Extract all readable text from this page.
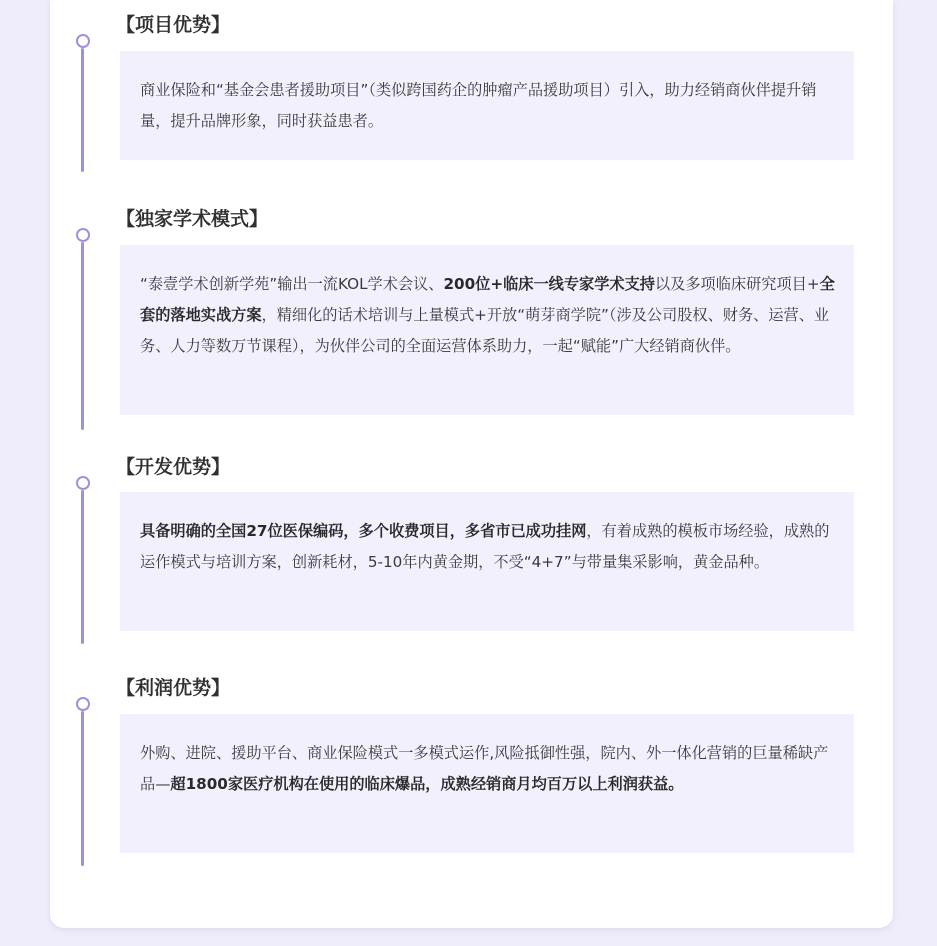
【项目优势】
商业保险和“基金会患者援助项目”（类似跨国药企的肿瘤产品援助项目）引入，助力经销商伙伴提升销量，提升品牌形象，同时获益患者。
【独家学术模式】
“泰壹学术创新学苑”输出一流KOL学术会议、200位+临床一线专家学术支持以及多项临床研究项目+全套的落地实战方案，精细化的话术培训与上量模式+开放“萌芽商学院”（涉及公司股权、财务、运营、业务、人力等数万节课程），为伙伴公司的全面运营体系助力，一起“赋能”广大经销商伙伴。
【开发优势】
具备明确的全国27位医保编码，多个收费项目，多省市已成功挂网，有着成熟的模板市场经验，成熟的运作模式与培训方案，创新耗材，5-10年内黄金期，不受“4+7”与带量集采影响，黄金品种。
【利润优势】
外购、进院、援助平台、商业保险模式一多模式运作,风险抵御性强，院内、外一体化营销的巨量稀缺产品—超1800家医疗机构在使用的临床爆品，成熟经销商月均百万以上利润获益。
